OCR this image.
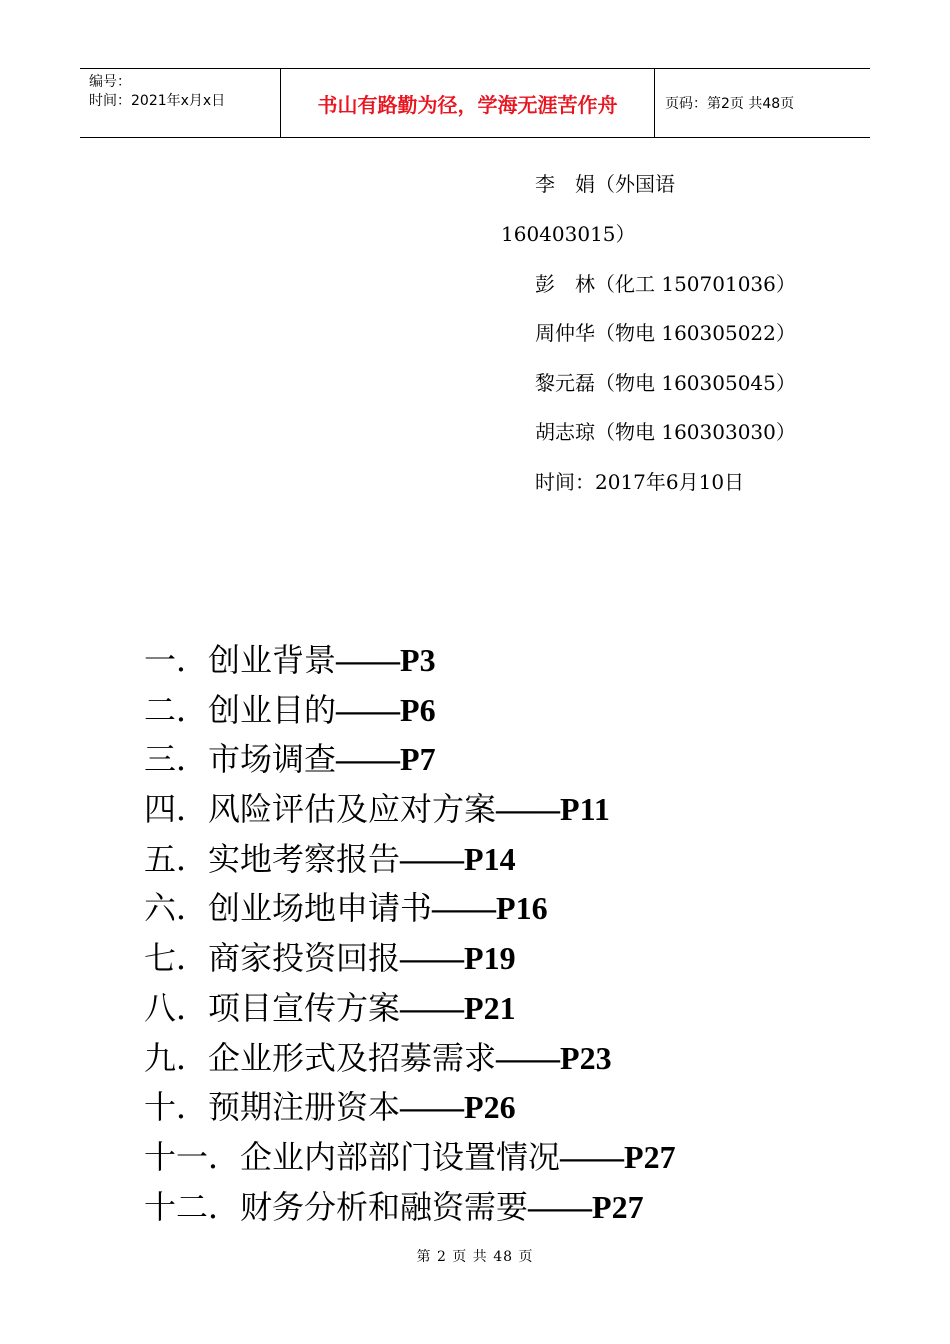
编号：
时间：2021年x月x日	书山有路勤为径，学海无涯苦作舟	页码：第2页 共48页
李　娟（外国语
160403015）
彭　林（化工 150701036）
周仲华（物电 160305022）
黎元磊（物电 160305045）
胡志琼（物电 160303030）
时间：2017年6月10日
一．创业背景——P3
二．创业目的——P6
三．市场调查——P7
四．风险评估及应对方案——P11
五．实地考察报告——P14
六．创业场地申请书——P16
七．商家投资回报——P19
八．项目宣传方案——P21
九．企业形式及招募需求——P23
十．预期注册资本——P26
十一．企业内部部门设置情况——P27
十二．财务分析和融资需要——P27
第 2 页 共 48 页
